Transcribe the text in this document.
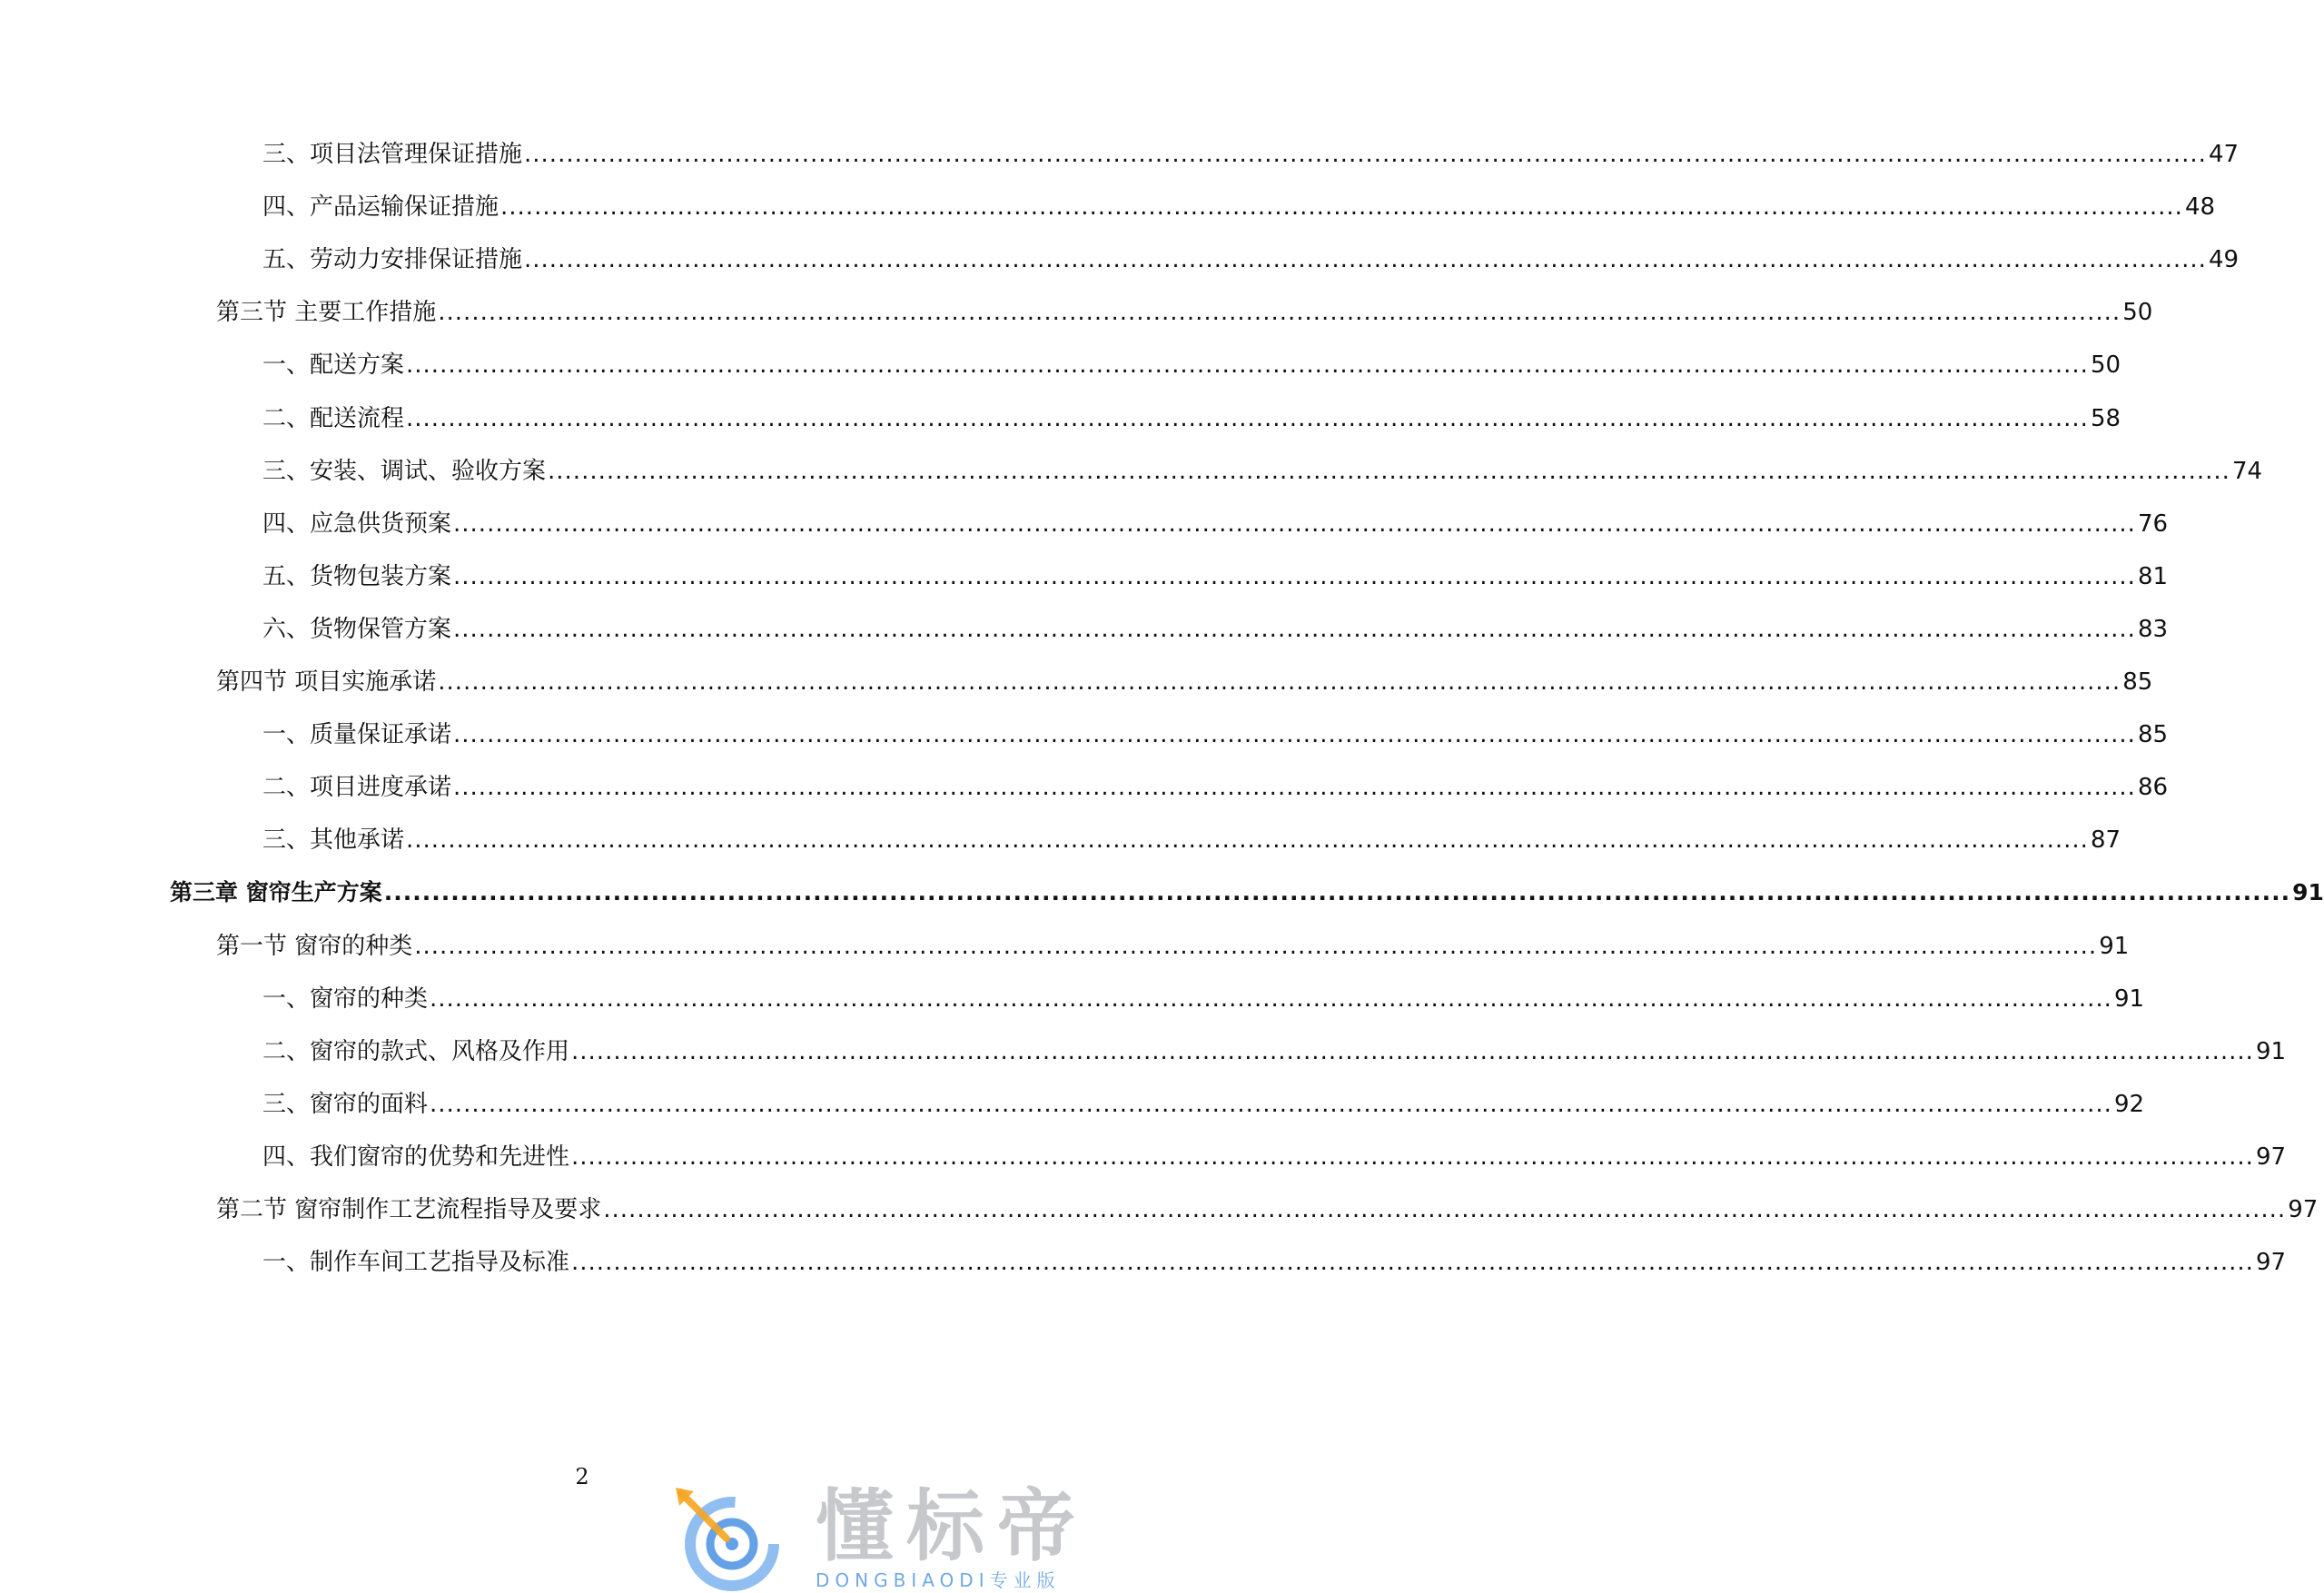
三、项目法管理保证措施 ........................................................................................................................................................................................................ 47
四、产品运输保证措施 ........................................................................................................................................................................................................ 48
五、劳动力安排保证措施 ........................................................................................................................................................................................................ 49
第三节 主要工作措施 ........................................................................................................................................................................................................ 50
一、配送方案 ........................................................................................................................................................................................................ 50
二、配送流程 ........................................................................................................................................................................................................ 58
三、安装、调试、验收方案 ........................................................................................................................................................................................................ 74
四、应急供货预案 ........................................................................................................................................................................................................ 76
五、货物包装方案 ........................................................................................................................................................................................................ 81
六、货物保管方案 ........................................................................................................................................................................................................ 83
第四节 项目实施承诺 ........................................................................................................................................................................................................ 85
一、质量保证承诺 ........................................................................................................................................................................................................ 85
二、项目进度承诺 ........................................................................................................................................................................................................ 86
三、其他承诺 ........................................................................................................................................................................................................ 87
第三章 窗帘生产方案 ........................................................................................................................................................................................................ 91
第一节 窗帘的种类 ........................................................................................................................................................................................................ 91
一、窗帘的种类 ........................................................................................................................................................................................................ 91
二、窗帘的款式、风格及作用 ........................................................................................................................................................................................................ 91
三、窗帘的面料 ........................................................................................................................................................................................................ 92
四、我们窗帘的优势和先进性 ........................................................................................................................................................................................................ 97
第二节 窗帘制作工艺流程指导及要求 ........................................................................................................................................................................................................ 97
一、制作车间工艺指导及标准 ........................................................................................................................................................................................................ 97
2
懂标帝
DONGBIAODI专业版
